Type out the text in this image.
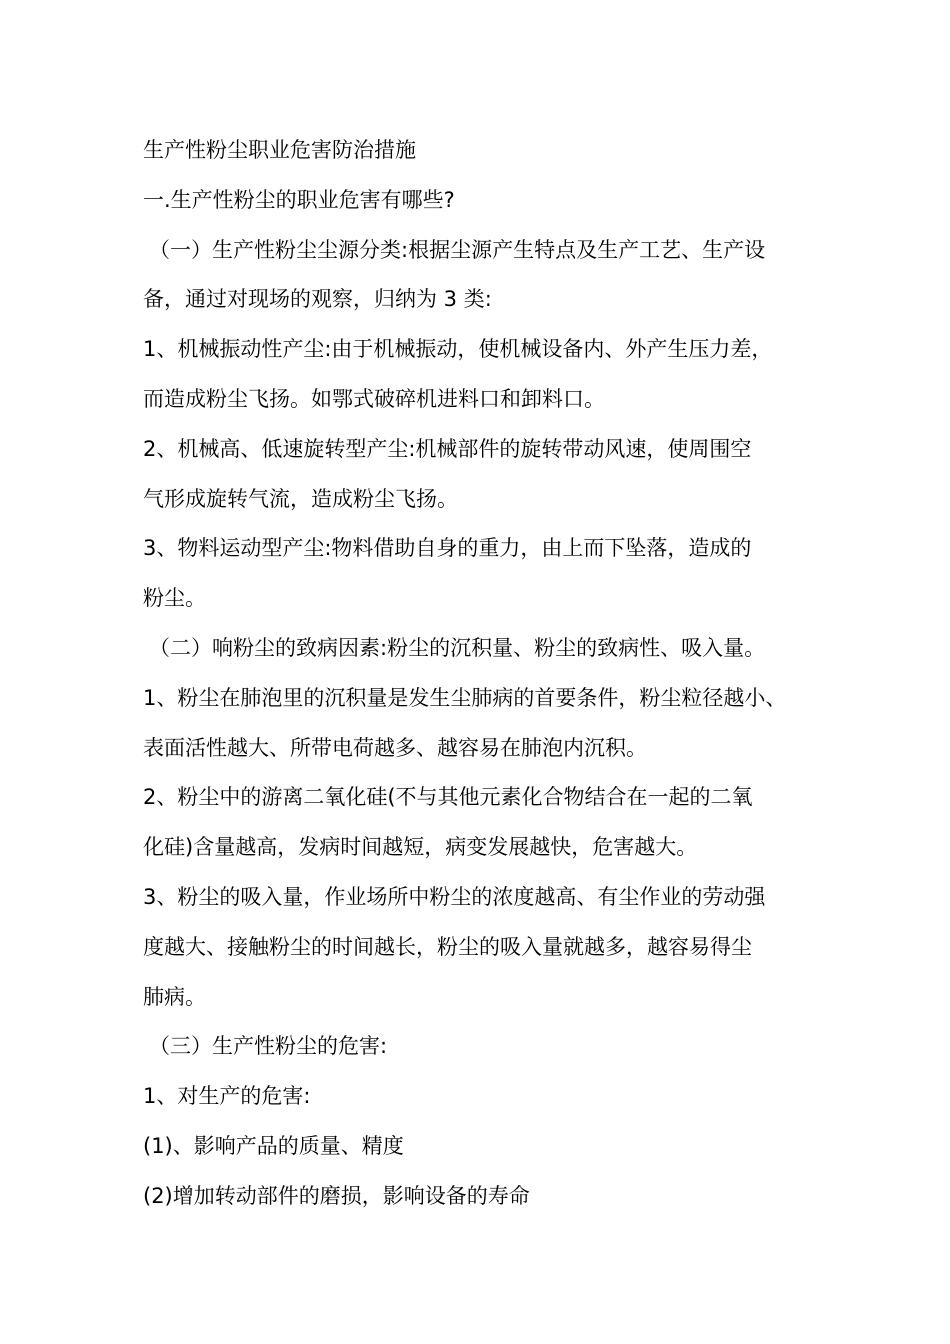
生产性粉尘职业危害防治措施
一.生产性粉尘的职业危害有哪些?
（一）生产性粉尘尘源分类:根据尘源产生特点及生产工艺、生产设
备，通过对现场的观察，归纳为 3 类:
1、机械振动性产尘:由于机械振动，使机械设备内、外产生压力差，
而造成粉尘飞扬。如鄂式破碎机进料口和卸料口。
2、机械高、低速旋转型产尘:机械部件的旋转带动风速，使周围空
气形成旋转气流，造成粉尘飞扬。
3、物料运动型产尘:物料借助自身的重力，由上而下坠落，造成的
粉尘。
（二）响粉尘的致病因素:粉尘的沉积量、粉尘的致病性、吸入量。
1、粉尘在肺泡里的沉积量是发生尘肺病的首要条件，粉尘粒径越小、
表面活性越大、所带电荷越多、越容易在肺泡内沉积。
2、粉尘中的游离二氧化硅(不与其他元素化合物结合在一起的二氧
化硅)含量越高，发病时间越短，病变发展越快，危害越大。
3、粉尘的吸入量，作业场所中粉尘的浓度越高、有尘作业的劳动强
度越大、接触粉尘的时间越长，粉尘的吸入量就越多，越容易得尘
肺病。
（三）生产性粉尘的危害:
1、对生产的危害:
(1)、影响产品的质量、精度
(2)增加转动部件的磨损，影响设备的寿命
